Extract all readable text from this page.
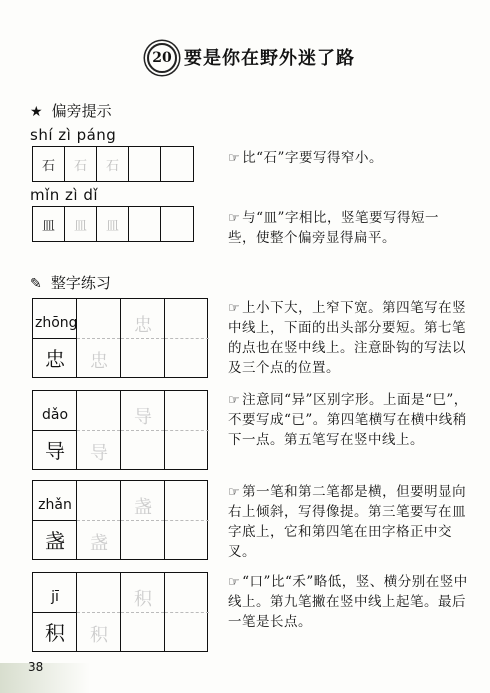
20 要是你在野外迷了路
★ 偏旁提示
shí zì páng
石	石	石	☞ 比“石”字要写得窄小。
mǐn zì dǐ
皿	皿	皿	☞ 与“皿”字相比，竖笔要写得短一些，使整个偏旁显得扁平。
✎ 整字练习
zhōng
忠
忠
忠
☞ 上小下大，上窄下宽。第四笔写在竖中线上，下面的出头部分要短。第七笔的点也在竖中线上。注意卧钩的写法以及三个点的位置。
dǎo
导
导
导
☞ 注意同“异”区别字形。上面是“巳”，不要写成“已”。第四笔横写在横中线稍下一点。第五笔写在竖中线上。
zhǎn
盏
盏
盏
☞ 第一笔和第二笔都是横，但要明显向右上倾斜，写得像提。第三笔要写在皿字底上，它和第四笔在田字格正中交叉。
jī
积
积
积
☞ “口”比“禾”略低，竖、横分别在竖中线上。第九笔撇在竖中线上起笔。最后一笔是长点。
38
